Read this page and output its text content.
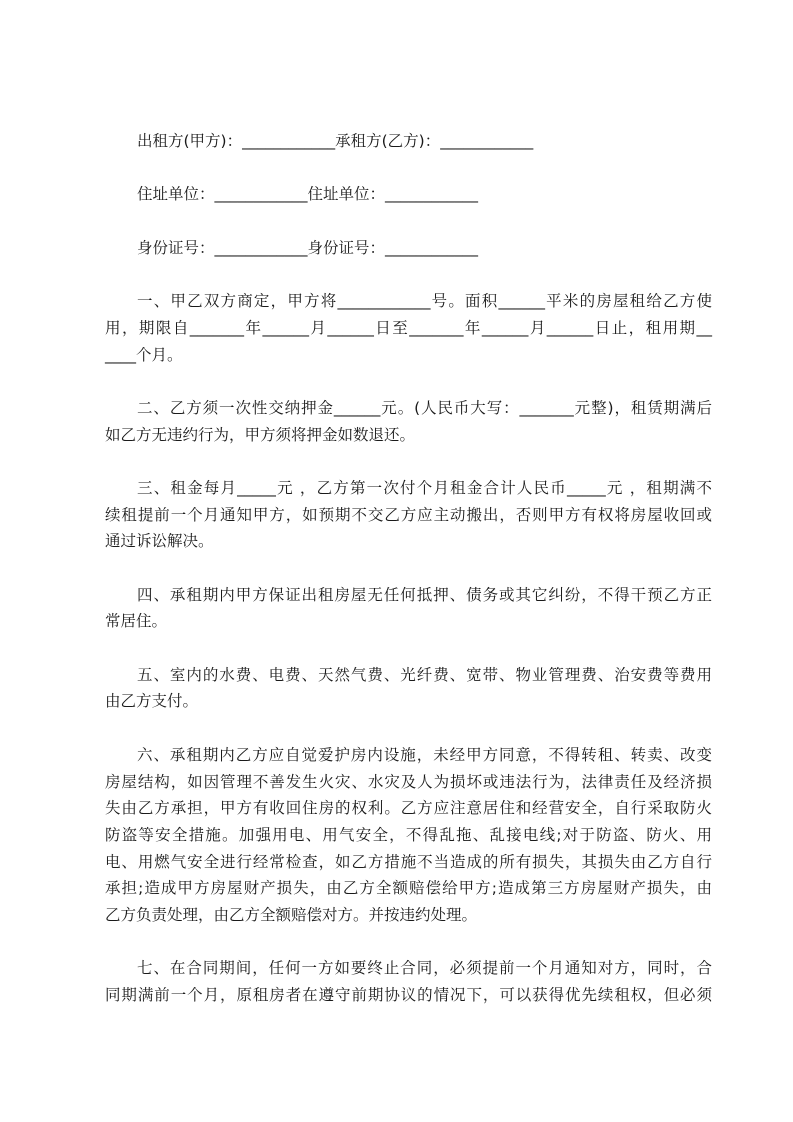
出租方(甲方)：____________承租方(乙方)：____________
住址单位：____________住址单位：____________
身份证号：____________身份证号：____________
一、甲乙双方商定，甲方将____________号。面积______平米的房屋租给乙方使
用，期限自_______年______月______日至_______年______月______日止，租用期__
____个月。
二、乙方须一次性交纳押金______元。(人民币大写：_______元整)，租赁期满后
如乙方无违约行为，甲方须将押金如数退还。
三、租金每月_____元 ，乙方第一次付个月租金合计人民币_____元 ，租期满不
续租提前一个月通知甲方，如预期不交乙方应主动搬出，否则甲方有权将房屋收回或
通过诉讼解决。
四、承租期内甲方保证出租房屋无任何抵押、债务或其它纠纷，不得干预乙方正
常居住。
五、室内的水费、电费、天然气费、光纤费、宽带、物业管理费、治安费等费用
由乙方支付。
六、承租期内乙方应自觉爱护房内设施，未经甲方同意，不得转租、转卖、改变
房屋结构，如因管理不善发生火灾、水灾及人为损坏或违法行为，法律责任及经济损
失由乙方承担，甲方有收回住房的权利。乙方应注意居住和经营安全，自行采取防火
防盗等安全措施。加强用电、用气安全，不得乱拖、乱接电线;对于防盗、防火、用
电、用燃气安全进行经常检查，如乙方措施不当造成的所有损失，其损失由乙方自行
承担;造成甲方房屋财产损失，由乙方全额赔偿给甲方;造成第三方房屋财产损失，由
乙方负责处理，由乙方全额赔偿对方。并按违约处理。
七、在合同期间，任何一方如要终止合同，必须提前一个月通知对方，同时，合
同期满前一个月，原租房者在遵守前期协议的情况下，可以获得优先续租权，但必须
